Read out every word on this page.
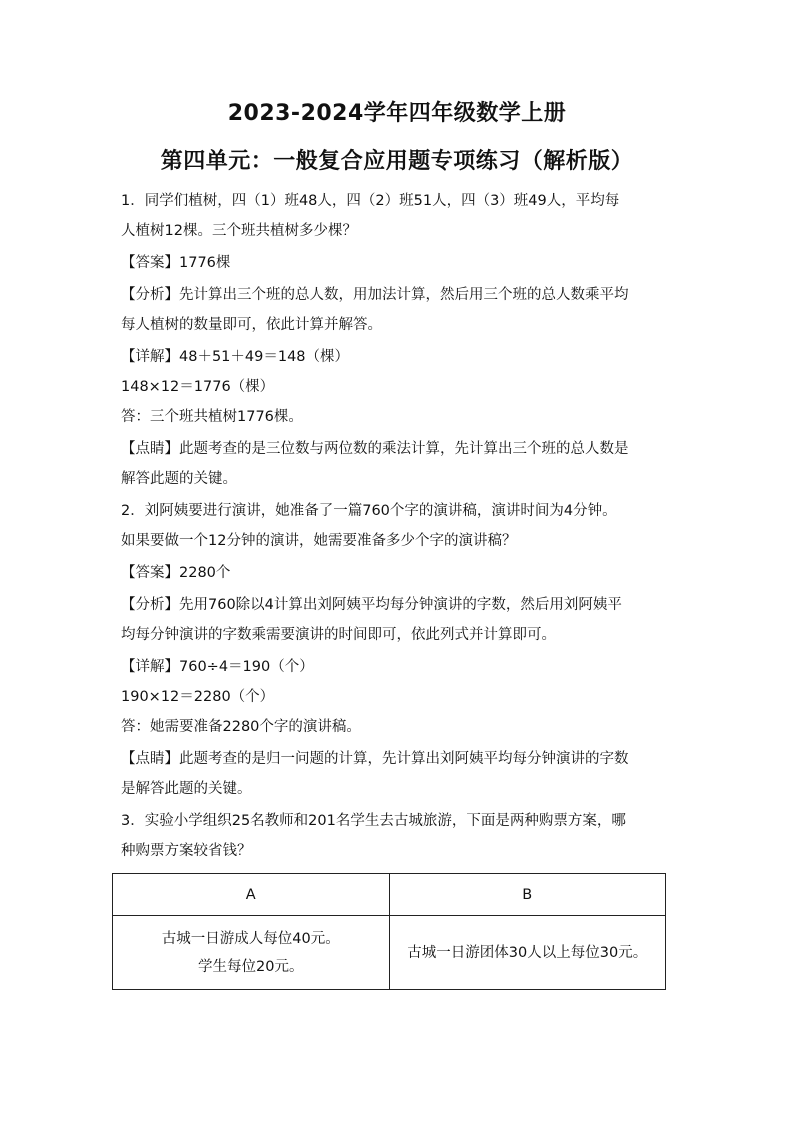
2023-2024学年四年级数学上册
第四单元：一般复合应用题专项练习（解析版）

1．同学们植树，四（1）班48人，四（2）班51人，四（3）班49人，平均每

人植树12棵。三个班共植树多少棵？

【答案】1776棵

【分析】先计算出三个班的总人数，用加法计算，然后用三个班的总人数乘平均

每人植树的数量即可，依此计算并解答。

【详解】48＋51＋49＝148（棵）

148×12＝1776（棵）

答：三个班共植树1776棵。

【点睛】此题考查的是三位数与两位数的乘法计算，先计算出三个班的总人数是

解答此题的关键。

2．刘阿姨要进行演讲，她准备了一篇760个字的演讲稿，演讲时间为4分钟。

如果要做一个12分钟的演讲，她需要准备多少个字的演讲稿？

【答案】2280个

【分析】先用760除以4计算出刘阿姨平均每分钟演讲的字数，然后用刘阿姨平

均每分钟演讲的字数乘需要演讲的时间即可，依此列式并计算即可。

【详解】760÷4＝190（个）

190×12＝2280（个）

答：她需要准备2280个字的演讲稿。

【点睛】此题考查的是归一问题的计算，先计算出刘阿姨平均每分钟演讲的字数

是解答此题的关键。

3．实验小学组织25名教师和201名学生去古城旅游，下面是两种购票方案，哪

种购票方案较省钱？

A	B

古城一日游成人每位40元。
学生每位20元。	古城一日游团体30人以上每位30元。
